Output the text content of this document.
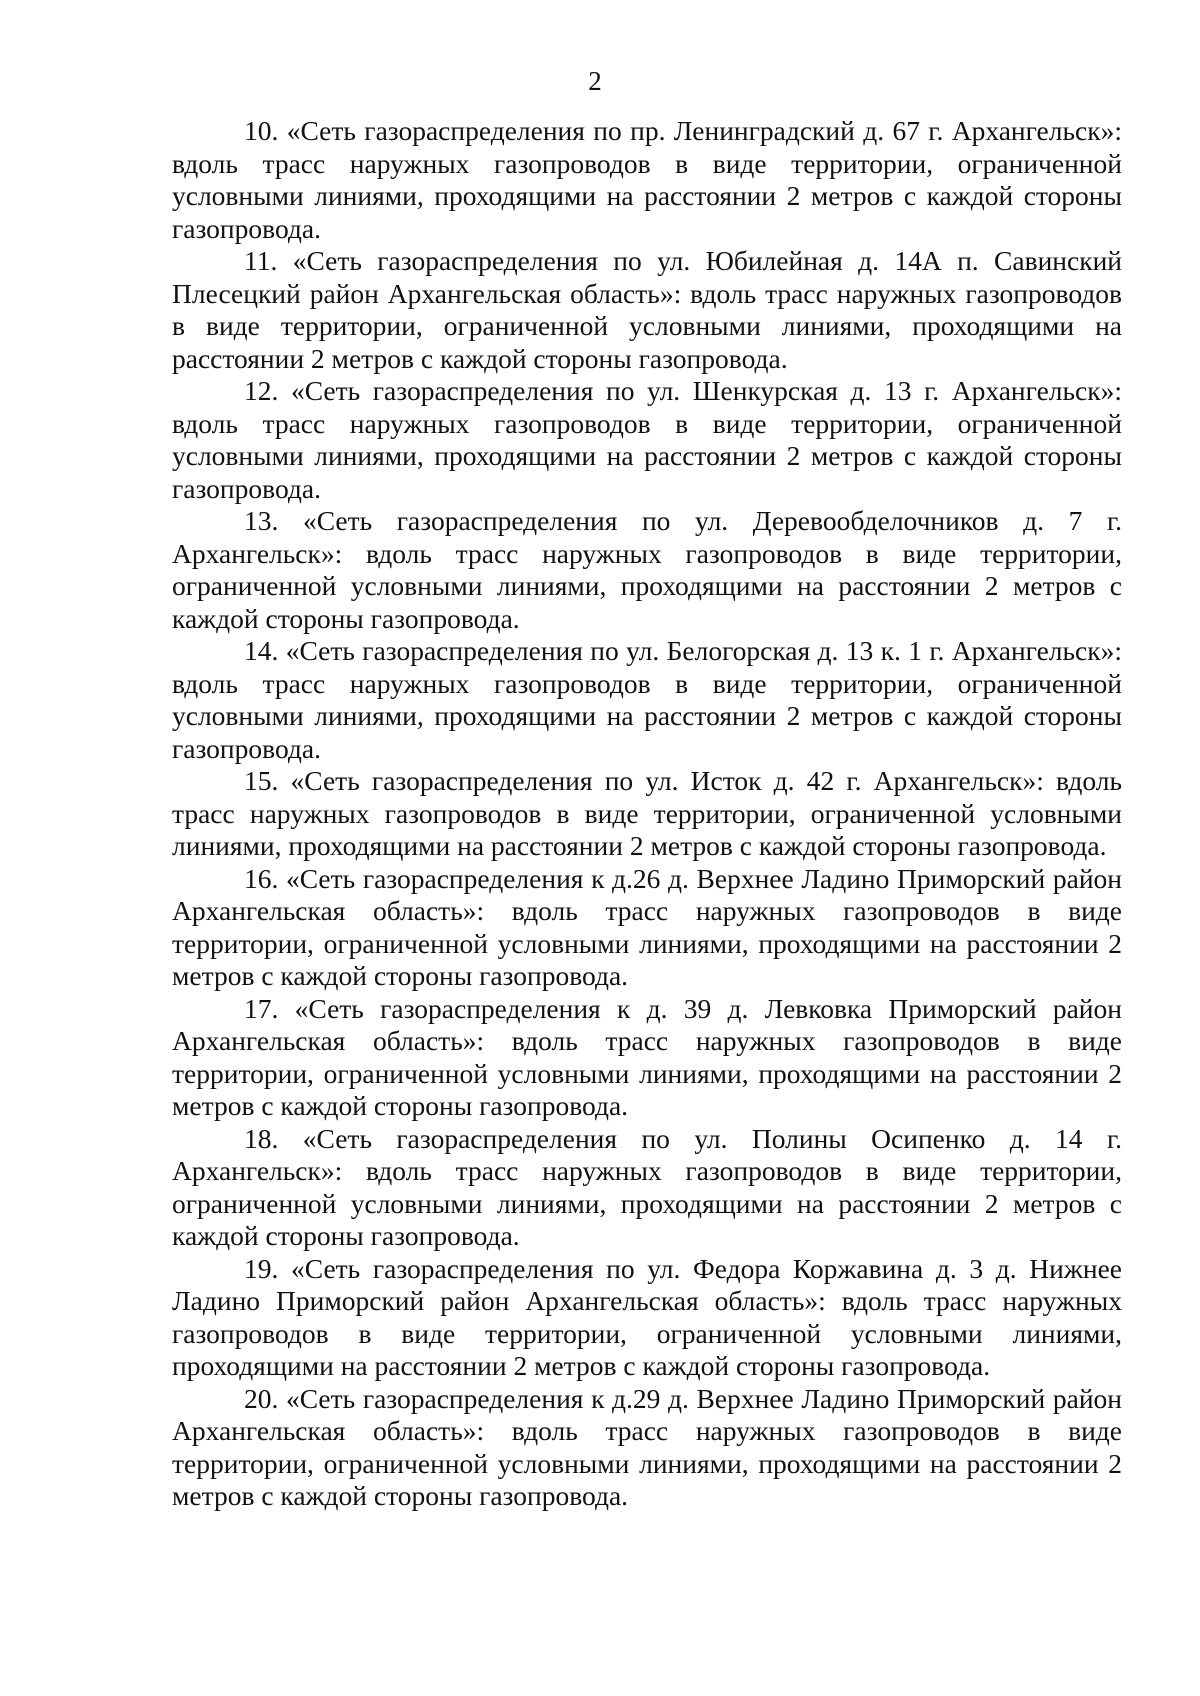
2

10. «Сеть газораспределения по пр. Ленинградский д. 67 г. Архангельск»: вдоль трасс наружных газопроводов в виде территории, ограниченной условными линиями, проходящими на расстоянии 2 метров с каждой стороны газопровода.

11. «Сеть газораспределения по ул. Юбилейная д. 14А п. Савинский Плесецкий район Архангельская область»: вдоль трасс наружных газопроводов в виде территории, ограниченной условными линиями, проходящими на расстоянии 2 метров с каждой стороны газопровода.

12. «Сеть газораспределения по ул. Шенкурская д. 13 г. Архангельск»: вдоль трасс наружных газопроводов в виде территории, ограниченной условными линиями, проходящими на расстоянии 2 метров с каждой стороны газопровода.

13. «Сеть газораспределения по ул. Деревообделочников д. 7 г. Архангельск»: вдоль трасс наружных газопроводов в виде территории, ограниченной условными линиями, проходящими на расстоянии 2 метров с каждой стороны газопровода.

14. «Сеть газораспределения по ул. Белогорская д. 13 к. 1 г. Архангельск»: вдоль трасс наружных газопроводов в виде территории, ограниченной условными линиями, проходящими на расстоянии 2 метров с каждой стороны газопровода.

15. «Сеть газораспределения по ул. Исток д. 42 г. Архангельск»: вдоль трасс наружных газопроводов в виде территории, ограниченной условными линиями, проходящими на расстоянии 2 метров с каждой стороны газопровода.

16. «Сеть газораспределения к д.26 д. Верхнее Ладино Приморский район Архангельская область»: вдоль трасс наружных газопроводов в виде территории, ограниченной условными линиями, проходящими на расстоянии 2 метров с каждой стороны газопровода.

17. «Сеть газораспределения к д. 39 д. Левковка Приморский район Архангельская область»: вдоль трасс наружных газопроводов в виде территории, ограниченной условными линиями, проходящими на расстоянии 2 метров с каждой стороны газопровода.

18. «Сеть газораспределения по ул. Полины Осипенко д. 14 г. Архангельск»: вдоль трасс наружных газопроводов в виде территории, ограниченной условными линиями, проходящими на расстоянии 2 метров с каждой стороны газопровода.

19. «Сеть газораспределения по ул. Федора Коржавина д. 3 д. Нижнее Ладино Приморский район Архангельская область»: вдоль трасс наружных газопроводов в виде территории, ограниченной условными линиями, проходящими на расстоянии 2 метров с каждой стороны газопровода.

20. «Сеть газораспределения к д.29 д. Верхнее Ладино Приморский район Архангельская область»: вдоль трасс наружных газопроводов в виде территории, ограниченной условными линиями, проходящими на расстоянии 2 метров с каждой стороны газопровода.
